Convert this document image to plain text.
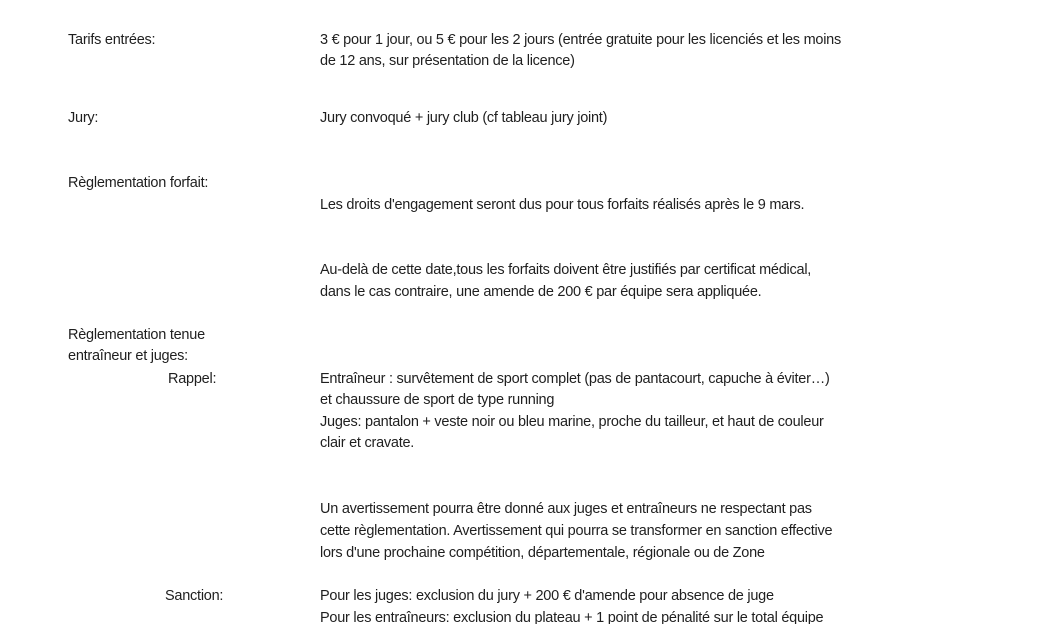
Tarifs entrées:
Jury:
Règlementation forfait:
Règlementation tenue
entraîneur et juges:
Rappel:
Sanction:
3 € pour 1 jour, ou 5 € pour les 2 jours (entrée gratuite pour les licenciés et les moins
de 12 ans, sur présentation de la licence)
Jury convoqué + jury club (cf tableau jury joint)
Les droits d'engagement seront dus pour tous forfaits réalisés après le 9 mars.
Au-delà de cette date,tous les forfaits doivent être justifiés par certificat médical,
dans le cas contraire, une amende de 200 € par équipe sera appliquée.
Entraîneur : survêtement de sport complet (pas de pantacourt, capuche à éviter…)
et chaussure de sport de type running
Juges: pantalon + veste noir ou bleu marine, proche du tailleur, et haut de couleur
clair et cravate.
Un avertissement pourra être donné aux juges et entraîneurs ne respectant pas
cette règlementation. Avertissement qui pourra se transformer en sanction effective
lors d'une prochaine compétition, départementale, régionale ou de Zone
Pour les juges: exclusion du jury + 200 € d'amende pour absence de juge
Pour les entraîneurs: exclusion du plateau + 1 point de pénalité sur le total équipe
